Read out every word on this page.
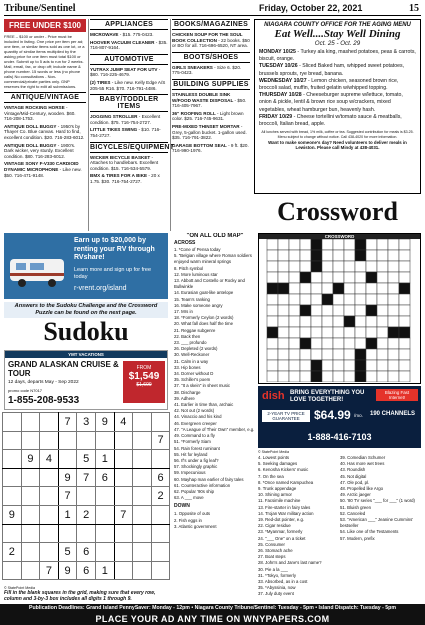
Tribune/Sentinel	Friday, October 22, 2021	15
FREE UNDER $100
FREE – $100 or under - Price must be included in listing. One price per item per ad; one item, or similar items sold as one lot, or a quantity of similar items multiplied by the asking price for one item must total $100 or under. Submit up to 5 ads to run for 2 weeks. Mail, email, fax, or drop off; include name & phone number. 15 words or less (no phone calls) No consultations - Non-commercial/private parties only. GNP reserves the right to edit all submissions.
ANTIQUE/VINTAGE
VINTAGE ROCKING HORSE - Vintage/Mid-Century, wooden. $60. 716-208-1753.
ANTIQUE DOLL BUGGY - 1950's by Thayer Co. Blue canvas. Hard to find, excellent condition. $20. 716-283-6012.
ANTIQUE DOLL BUGGY - 1900's. Dark wicker, very sturdy. Excellent condition. $80. 716-283-6012.
VINTAGE SONY F-V330 CARDIOID DYNAMIC MICROPHONE - Like new. $50. 716-471-9148.
APPLIANCES
MICROWAVE - $15. 775-0423.
HOOVER VACUUM CLEANER - $35. 716-807-9164.
AUTOMOTIVE
YUTRAX JUMP SEAT FOR UTV - $80. 716-225-4679.
(2) TIRES - Like new. Kelly Edge A/S 205-55 R16. $70. 716-791-4486.
BABY/TODDLER ITEMS
JOGGING STROLLER - Excellent condition. $75. 716-754-2727.
LITTLE TIKES SWING - $10. 716-754-2727.
BICYCLES/EQUIPMENT
WICKER BICYCLE BASKET - Attaches to handlebars. Excellent condition. $15. 716-534-5579.
BMX & TIRES FOR A BIKE - 20 x 1.75. $30. 716-754-2727.
BOOKS/MAGAZINES
CHICKEN SOUP FOR THE SOUL BOOK COLLECTION - 22 books. $50 or BO for all. 716-696-6520, NT area.
BOOTS/SHOES
GIRLS SNEAKERS - Size 6. $20. 775-0423.
BUILDING SUPPLIES
STAINLESS DOUBLE SINK W/FOOD WASTE DISPOSAL - $50. 716-405-7967.
36" ROOFING ROLL - Light brown color. $25. 716-745-9631.
PRE-MIXED THINSET MORTAR - Grey, 5-gallon bucket. 1-gallon used. $35. 716-791-3822.
GARAGE BOTTOM SEAL - 9 ft. $20. 716-990-1976.
NIAGARA COUNTY OFFICE FOR THE AGING MENU
Eat Well....Stay Well Dining
Oct. 25 - Oct. 29
MONDAY 10/25 - Turkey ala king, mashed potatoes, peas & carrots, biscuit, orange.
TUESDAY 10/26 - Sliced Baked ham, whipped sweet potatoes, brussels sprouts, rye bread, banana.
WEDNESDAY 10/27 - Lemon chicken, seasoned brown rice, broccoli salad, muffin, fruited gelatin w/whipped topping.
THURSDAY 10/28 - Cheeseburger supreme w/lettuce, tomato, onion & pickle, lentil & brown rice soup w/crackers, mixed vegetables, wheat hamburger bun, heavenly hash.
FRIDAY 10/29 - Cheese tortellini w/tomato sauce & meatballs, broccoli, Italian bread, apple.
All lunches served with bread, 1% milk, coffee or tea. Suggested contribution for meals is $3.25. Menu subject to change without notice. Call 438-4020 for more information.
Want to make someone's day? Need volunteers to deliver meals in Lewiston. Please call Mindy at 438-4031.
Crossword
Earn up to $20,000 by renting your RV through RVshare!
Learn more and sign up for free today
r-vrent.org/island
Answers to the Sudoku Challenge and the Crossword Puzzle can be found on the next page.
Sudoku
YMT VACATIONS
GRAND ALASKAN CRUISE & TOUR
12 days, departs May - Sep 2022
promo code N7017
1-855-208-9533
FROM
$1,549
$1,699
			7	3	9	4		
								7
	9	4		5	1			
			9	7	6			6
			7					2
9			1	2		7		

2			5	6				
		7	9	6	1			
© StatePoint Media
Fill in the blank squares in the grid, making sure that every row, column and 3-by-3 box includes all digits 1 through 9.
"ON ALL OLD MAP"
ACROSS
1. *Cone of Pensa today
5. "Belgian village where Roman soldiers enjoyed warm mineral springs
8. Pitch symbol
12. More luminous star
13. Abbott and Costello or Rocky and Bullwinkle
14. Eurasian goat-like antelope
15. Team's ranking
16. Make someone angry
17. Mrs in
18. *Formerly Ceylon (2 words)
20. What fall does half the time
21. Reggae subgenre
22. Back then
23. ___ profundo
26. Depleted (2 words)
30. Well-Reckoner
31. Calm in a way
33. Hip bones
34. Dorner without D
35. Schiller's poem
37. "It a skein" in sheet music
38. Discharge
39. Adhere
41. Earlier in time than, archaic
42. Not out (2 words)
44. Vinaccio and his kind
46. Evergreen creeper
47. "A League of Their Own" member, e.g.
49. Command to a fly
51. *Formerly Siam
54. Rain forest ruminant
55. Hit for leyland
56. If's under a fig leaf?
57. Shockingly graphic
59. Impecunious
60. Mayhap man earlier of fairy tales
61. Counteractive information
62. Popular '90s ship
63. A ___ move
DOWN
1. Opposite of outs
2. Fish eggs in
3. Atlantic government
CROSSWORD
dish BRING EVERYTHING YOU LOVE TOGETHER!
Blazing Fast Internet!
2-YEAR TV PRICE GUARANTEE	$64.99 /mo. 190 CHANNELS
1-888-416-7103
© StatePoint Media
4. Lowest points
5. Seeking damages
6. Kenosha Kickers' music
7. On the sea
8. *Once named Kampuchea
9. Trunk appendage
10. Shining armor
11. Facsimile machine
13. Fire-starter in fairy tales
14. Trojan War military action
19. Red-dot pointer, e.g.
22. Cigar residue
23. *Myanmar, formerly
24. "___ One" on a ticket
25. Consumer
26. Stomach ache
27. Boat steps
28. John's and Jane's last name?
30. Pie a la ___
31. *Tokyo, formerly
33. Absorbed, as in a cost
35. *Abyssinia, now
37. July duty event
39. Comedian Schumer
40. Has more wet trees
43. Roundish
45. Not digital
47. Ole pod, pl.
48. Propelled like Argo
49. Arctic jaeger
50. '80 TV series "___ for ___" (1 word)
51. Bluish green
52. Canceled
53. "American ___" Jeanine Cummins' bestseller
54. Like one of the Testaments
57. Modern, prefix
Publication Deadlines: Grand Island PennySaver: Monday - 12pm • Niagara County Tribune/Sentinel: Tuesday - 5pm • Island Dispatch: Tuesday - 5pm
PLACE YOUR AD ANY TIME ON WNYPAPERS.COM
